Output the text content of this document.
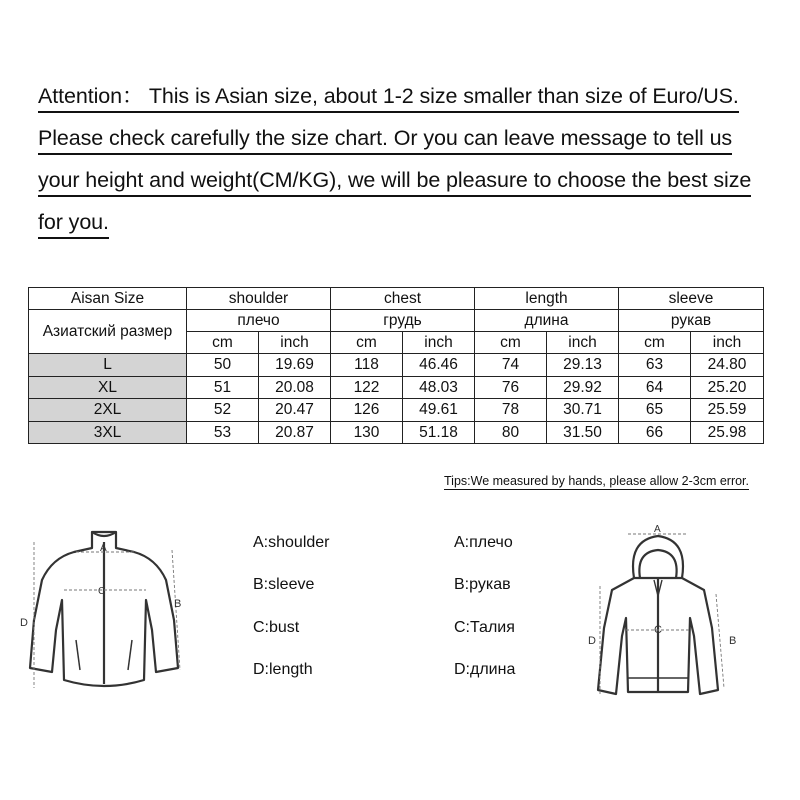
Attention： This is Asian size, about 1-2 size smaller than size of Euro/US.
Please check carefully the size chart. Or you can leave message to tell us
your height and weight(CM/KG), we will be pleasure to choose the best size
for you.
Aisan Size	shoulder		chest		length		sleeve	
Азиатский размер	плечо		грудь		длина		рукав	
	cm	inch	cm	inch	cm	inch	cm	inch
L	50	19.69	118	46.46	74	29.13	63	24.80
XL	51	20.08	122	48.03	76	29.92	64	25.20
2XL	52	20.47	126	49.61	78	30.71	65	25.59
3XL	53	20.87	130	51.18	80	31.50	66	25.98
Tips:We measured by hands, please allow 2-3cm error.
A
C
B
D
A:shoulder
B:sleeve
C:bust
D:length
A:плечо
B:рукав
C:Талия
D:длина
A
C
B
D
